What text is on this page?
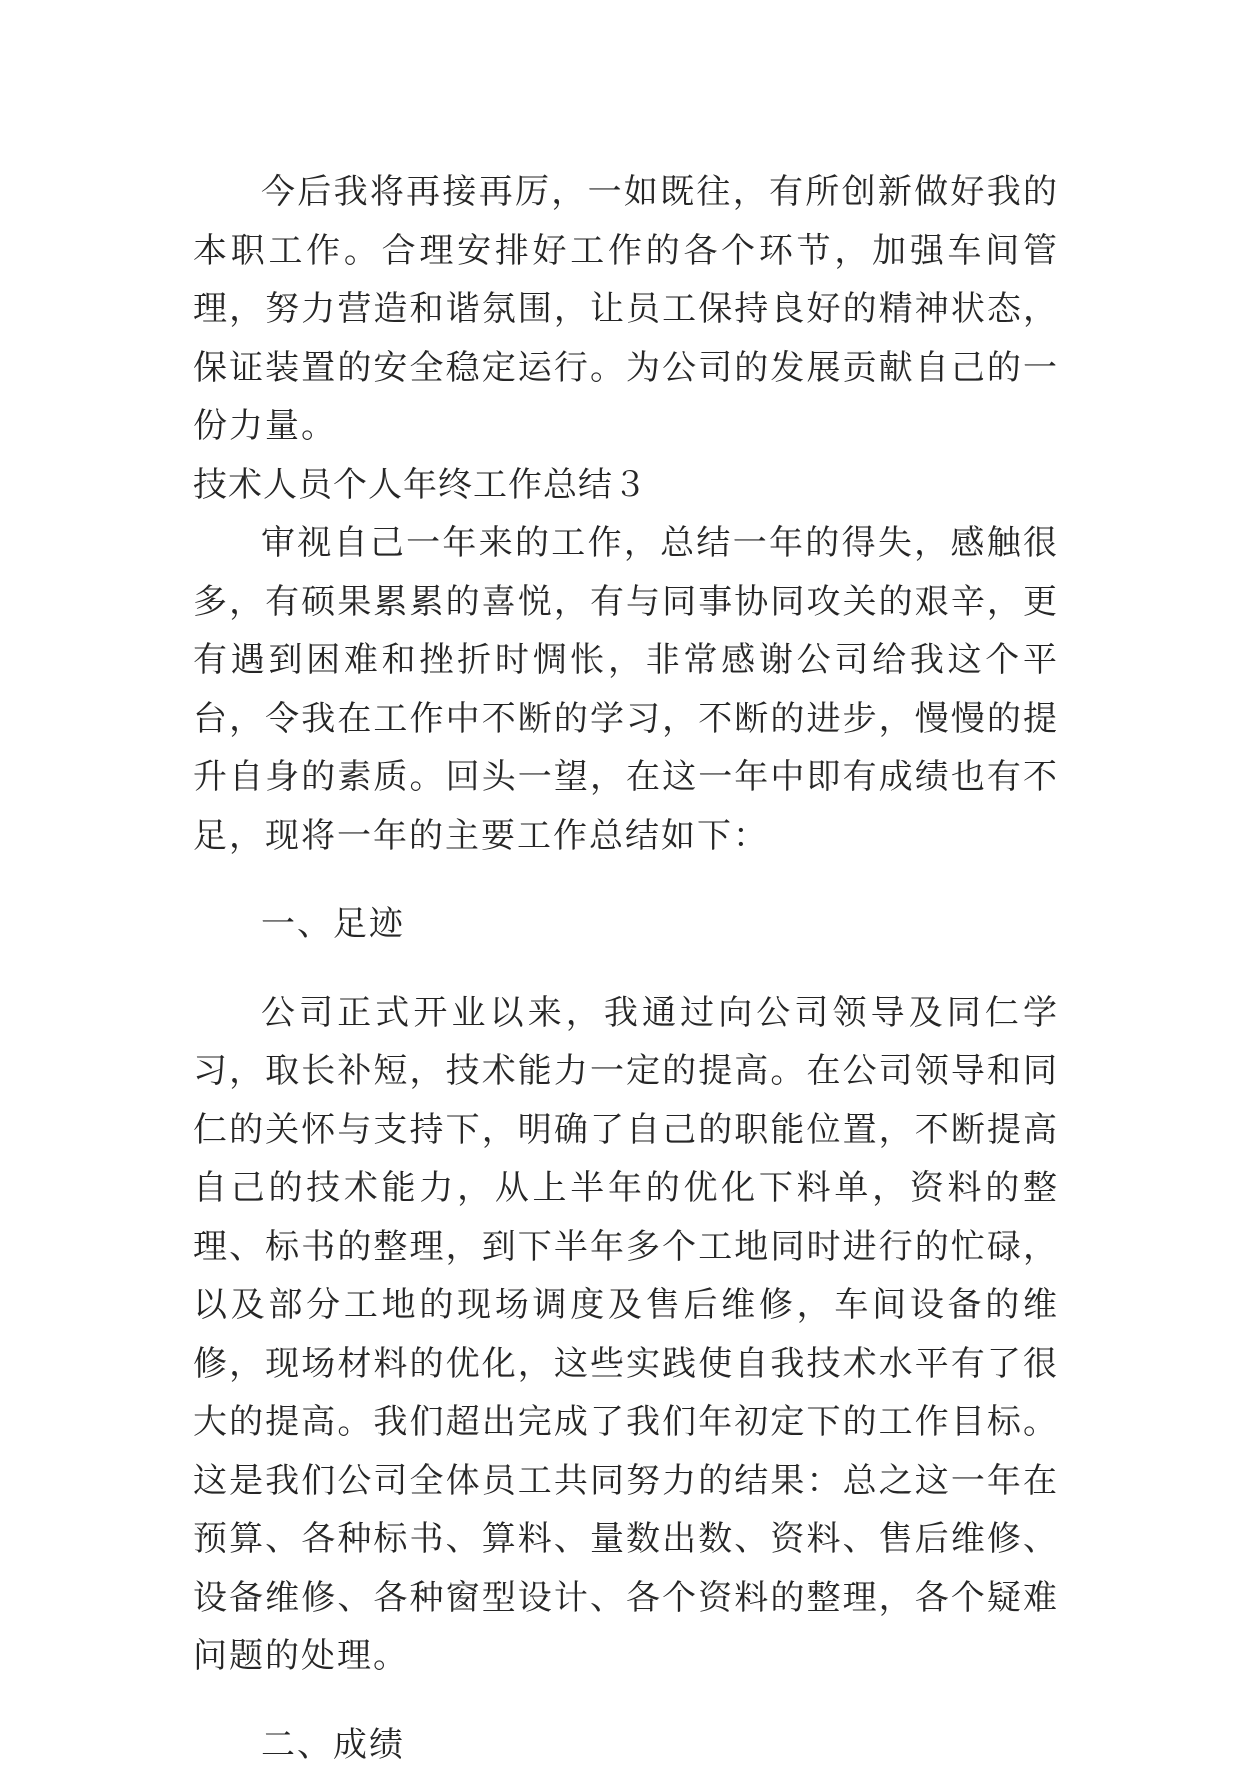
今后我将再接再厉，一如既往，有所创新做好我的本职工作。合理安排好工作的各个环节，加强车间管理，努力营造和谐氛围，让员工保持良好的精神状态，保证装置的安全稳定运行。为公司的发展贡献自己的一份力量。

技术人员个人年终工作总结３

审视自己一年来的工作，总结一年的得失，感触很多，有硕果累累的喜悦，有与同事协同攻关的艰辛，更有遇到困难和挫折时惆怅，非常感谢公司给我这个平台，令我在工作中不断的学习，不断的进步，慢慢的提升自身的素质。回头一望，在这一年中即有成绩也有不足，现将一年的主要工作总结如下：

一、足迹

公司正式开业以来，我通过向公司领导及同仁学习，取长补短，技术能力一定的提高。在公司领导和同仁的关怀与支持下，明确了自己的职能位置，不断提高自己的技术能力，从上半年的优化下料单，资料的整理、标书的整理，到下半年多个工地同时进行的忙碌，以及部分工地的现场调度及售后维修，车间设备的维修，现场材料的优化，这些实践使自我技术水平有了很大的提高。我们超出完成了我们年初定下的工作目标。这是我们公司全体员工共同努力的结果：总之这一年在预算、各种标书、算料、量数出数、资料、售后维修、设备维修、各种窗型设计、各个资料的整理，各个疑难问题的处理。

二、成绩
